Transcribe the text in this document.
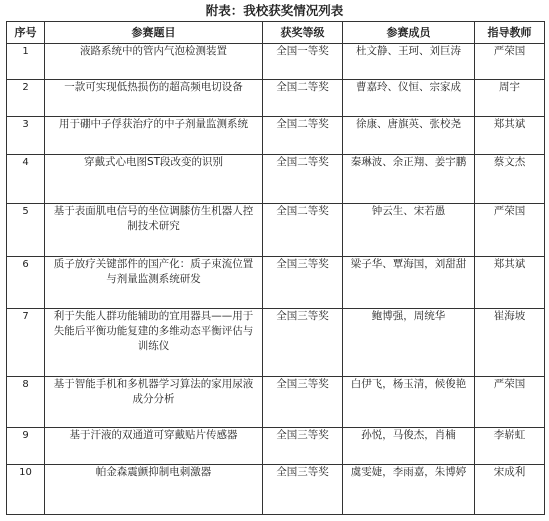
附表：我校获奖情况列表
序号	参赛题目	获奖等级	参赛成员	指导教师
1	液路系统中的管内气泡检测装置	全国一等奖	杜文静、王珂、刘巨涛	严荣国
2	一款可实现低热损伤的超高频电切设备	全国二等奖	曹嘉玲、仪恒、宗家成	周宇
3	用于硼中子俘获治疗的中子剂量监测系统	全国二等奖	徐康、唐旗英、张校尧	郑其斌
4	穿戴式心电图ST段改变的识别	全国二等奖	秦琳波、余正翔、姜宇鹏	蔡文杰
5	基于表面肌电信号的坐位调膝仿生机器人控制技术研究	全国二等奖	钟云生、宋若愚	严荣国
6	质子放疗关键部件的国产化：质子束流位置与剂量监测系统研发	全国三等奖	梁子华、覃海国，刘甜甜	郑其斌
7	利于失能人群功能辅助的宜用器具——用于失能后平衡功能复建的多维动态平衡评估与训练仪	全国三等奖	鲍博强，周统华	崔海坡
8	基于智能手机和多机器学习算法的家用尿液成分分析	全国三等奖	白伊飞，杨玉清，候俊艳	严荣国
9	基于汗液的双通道可穿戴贴片传感器	全国三等奖	孙悦，马俊杰，肖楠	李崭虹
10	帕金森震颤抑制电刺激器	全国三等奖	虞雯婕，李雨嘉，朱博婷	宋成利
